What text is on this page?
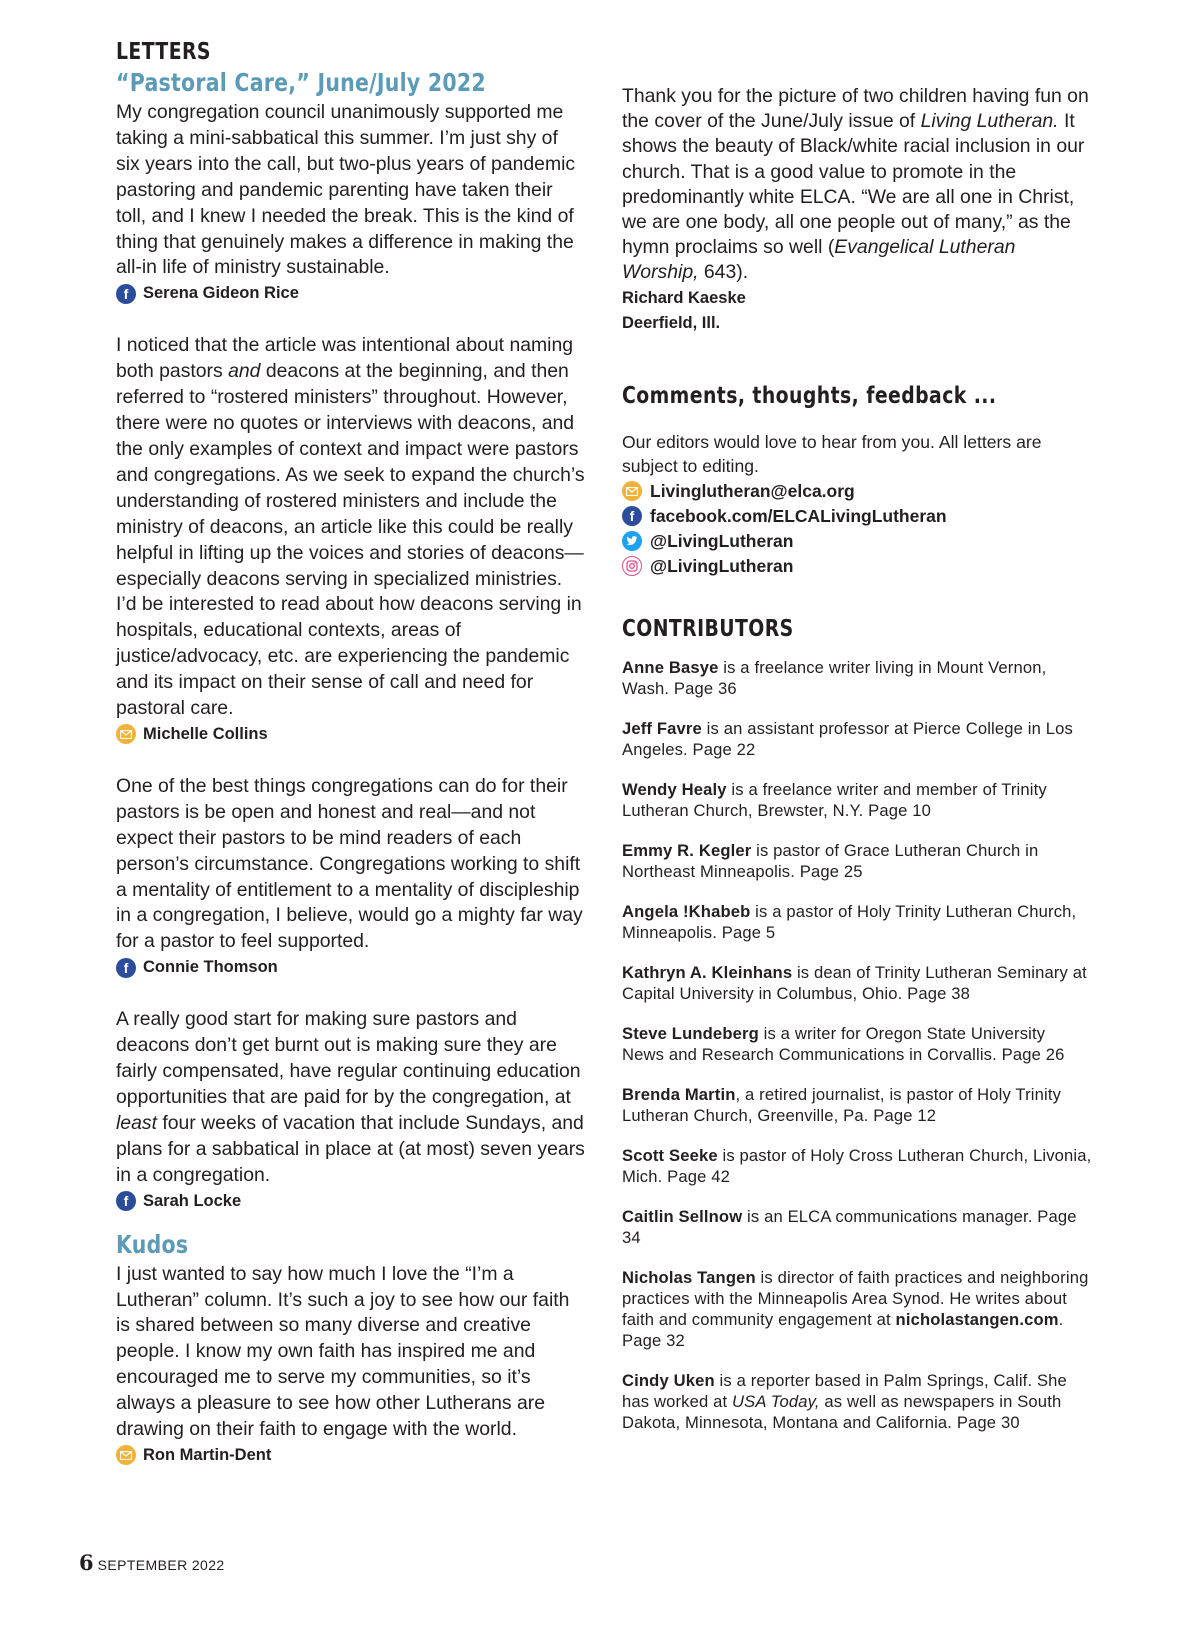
LETTERS
“Pastoral Care,” June/July 2022

My congregation council unanimously supported me taking a mini-sabbatical this summer. I’m just shy of six years into the call, but two-plus years of pandemic pastoring and pandemic parenting have taken their toll, and I knew I needed the break. This is the kind of thing that genuinely makes a difference in making the all-in life of ministry sustainable.

f Serena Gideon Rice

I noticed that the article was intentional about naming both pastors and deacons at the beginning, and then referred to “rostered ministers” throughout. However, there were no quotes or interviews with deacons, and the only examples of context and impact were pastors and congregations. As we seek to expand the church’s understanding of rostered ministers and include the ministry of deacons, an article like this could be really helpful in lifting up the voices and stories of deacons—especially deacons serving in specialized ministries. I’d be interested to read about how deacons serving in hospitals, educational contexts, areas of justice/advocacy, etc. are experiencing the pandemic and its impact on their sense of call and need for pastoral care.

Michelle Collins

One of the best things congregations can do for their pastors is be open and honest and real—and not expect their pastors to be mind readers of each person’s circumstance. Congregations working to shift a mentality of entitlement to a mentality of discipleship in a congregation, I believe, would go a mighty far way for a pastor to feel supported.

f Connie Thomson

A really good start for making sure pastors and deacons don’t get burnt out is making sure they are fairly compensated, have regular continuing education opportunities that are paid for by the congregation, at least four weeks of vacation that include Sundays, and plans for a sabbatical in place at (at most) seven years in a congregation.

f Sarah Locke
Kudos

I just wanted to say how much I love the “I’m a Lutheran” column. It’s such a joy to see how our faith is shared between so many diverse and creative people. I know my own faith has inspired me and encouraged me to serve my communities, so it’s always a pleasure to see how other Lutherans are drawing on their faith to engage with the world.

Ron Martin-Dent

Thank you for the picture of two children having fun on the cover of the June/July issue of Living Lutheran. It shows the beauty of Black/white racial inclusion in our church. That is a good value to promote in the predominantly white ELCA. “We are all one in Christ, we are one body, all one people out of many,” as the hymn proclaims so well (Evangelical Lutheran Worship, 643).

Richard Kaeske
Deerfield, Ill.
Comments, thoughts, feedback ...
Our editors would love to hear from you. All letters are subject to editing.
Livinglutheran@elca.org
f facebook.com/ELCALivingLutheran
@LivingLutheran
@LivingLutheran
CONTRIBUTORS
Anne Basye is a freelance writer living in Mount Vernon, Wash. Page 36
Jeff Favre is an assistant professor at Pierce College in Los Angeles. Page 22
Wendy Healy is a freelance writer and member of Trinity Lutheran Church, Brewster, N.Y. Page 10
Emmy R. Kegler is pastor of Grace Lutheran Church in Northeast Minneapolis. Page 25
Angela !Khabeb is a pastor of Holy Trinity Lutheran Church, Minneapolis. Page 5
Kathryn A. Kleinhans is dean of Trinity Lutheran Seminary at Capital University in Columbus, Ohio. Page 38
Steve Lundeberg is a writer for Oregon State University News and Research Communications in Corvallis. Page 26
Brenda Martin, a retired journalist, is pastor of Holy Trinity Lutheran Church, Greenville, Pa. Page 12
Scott Seeke is pastor of Holy Cross Lutheran Church, Livonia, Mich. Page 42
Caitlin Sellnow is an ELCA communications manager. Page 34
Nicholas Tangen is director of faith practices and neighboring practices with the Minneapolis Area Synod. He writes about faith and community engagement at nicholastangen.com. Page 32
Cindy Uken is a reporter based in Palm Springs, Calif. She has worked at USA Today, as well as newspapers in South Dakota, Minnesota, Montana and California. Page 30
6 SEPTEMBER 2022
